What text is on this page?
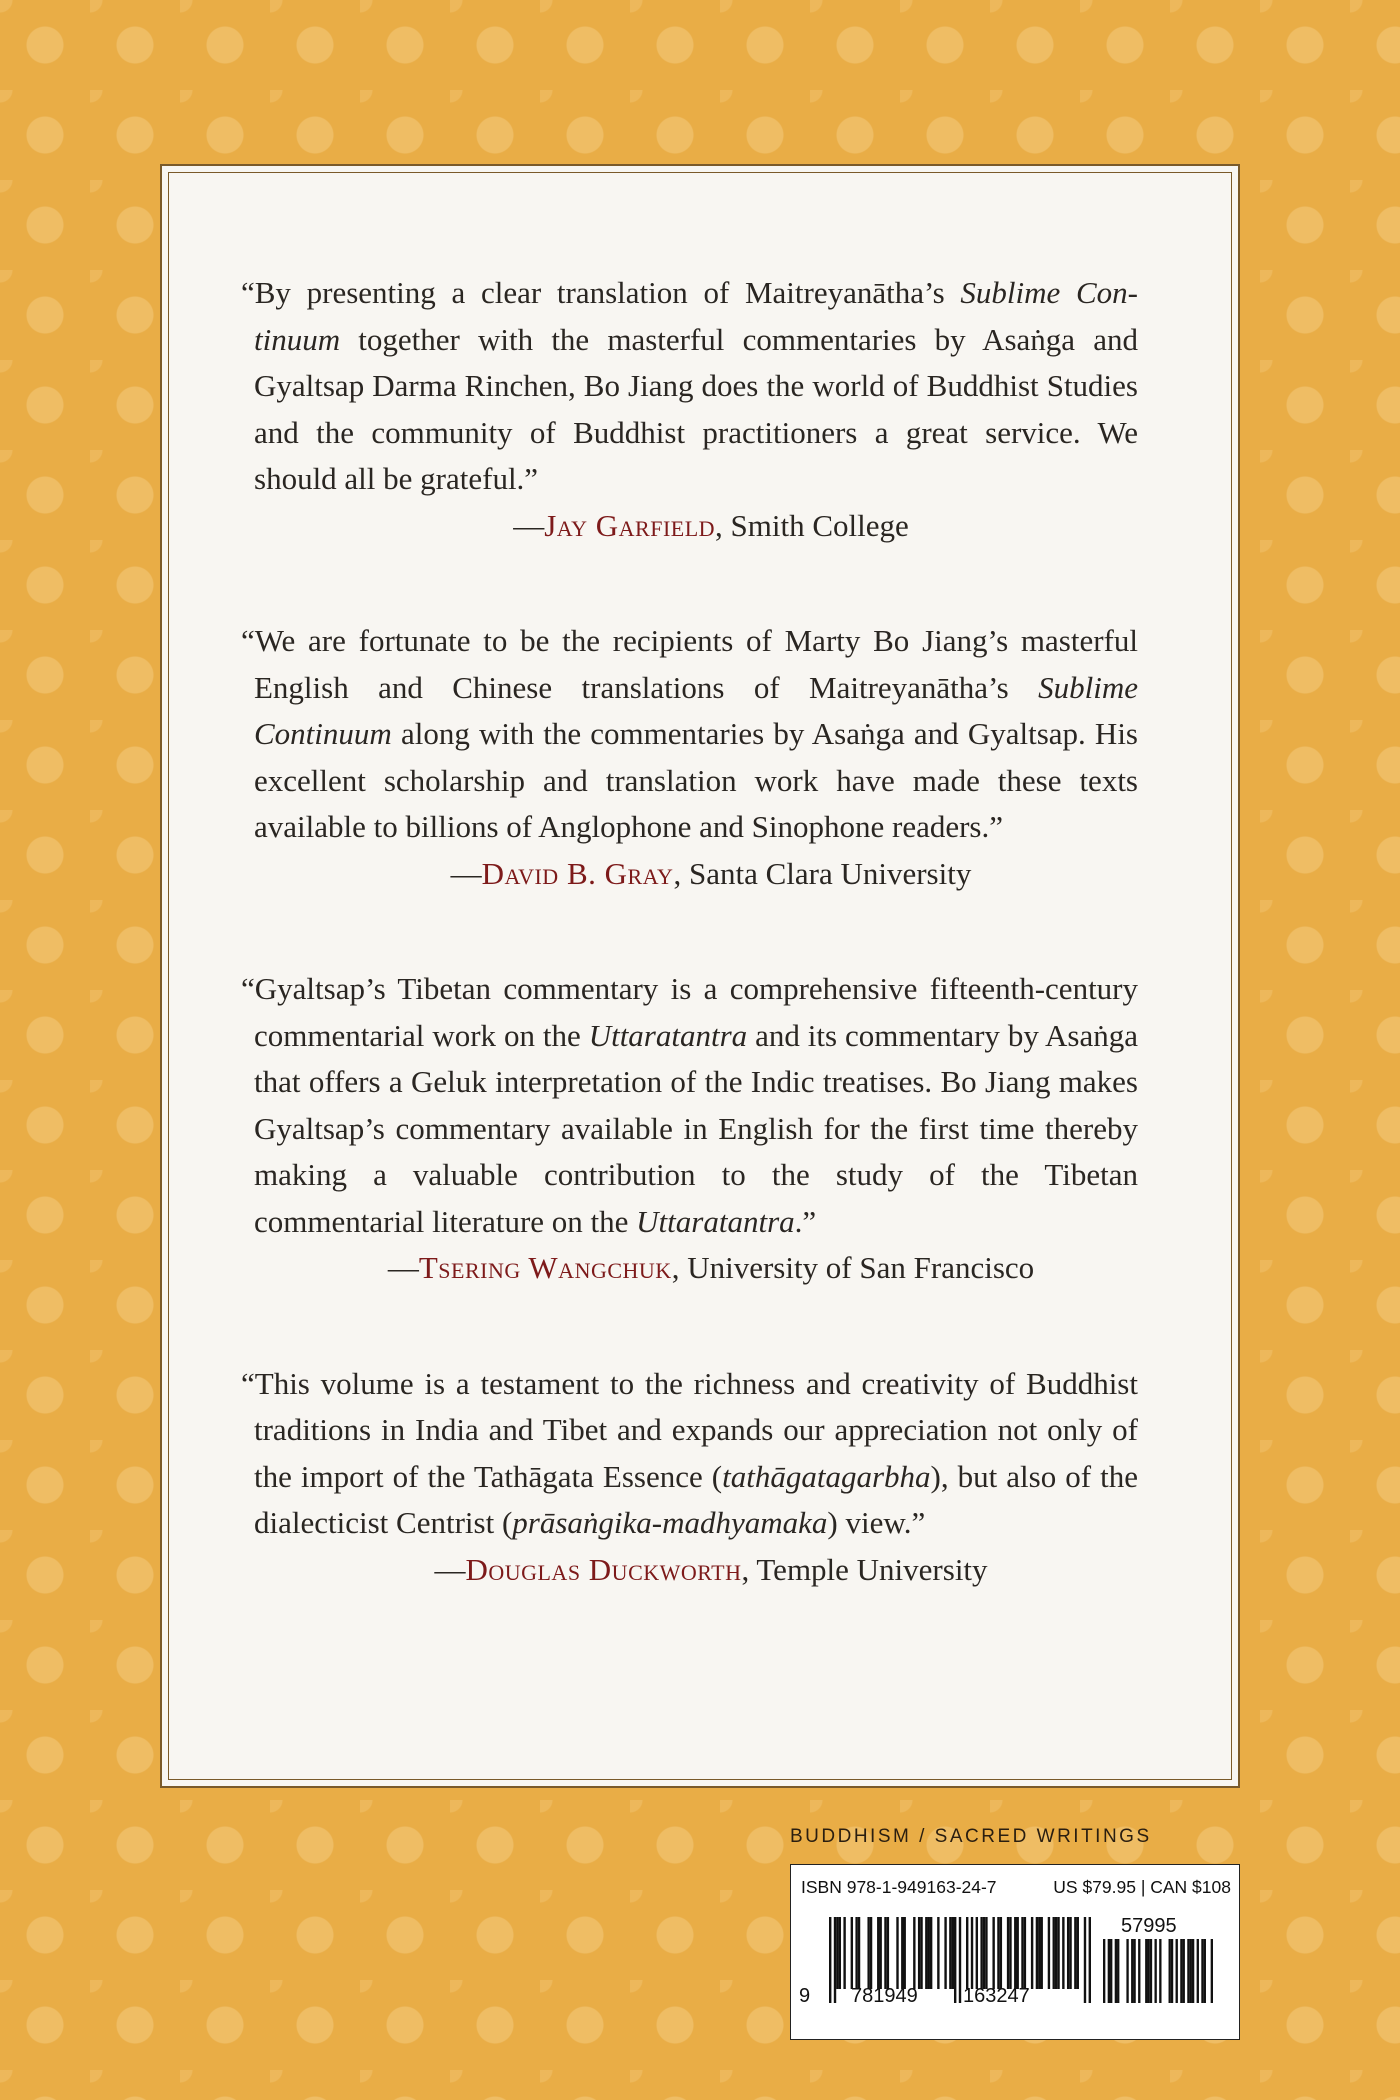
“By presenting a clear translation of Maitreyanātha’s Sublime Continuum together with the masterful commentaries by Asaṅga and Gyaltsap Darma Rinchen, Bo Jiang does the world of Buddhist Studies and the community of Buddhist practitioners a great service. We should all be grateful.”

—Jay Garfield, Smith College

“We are fortunate to be the recipients of Marty Bo Jiang’s masterful English and Chinese translations of Maitreyanātha’s Sublime Continuum along with the commentaries by Asaṅga and Gyaltsap. His excellent scholarship and translation work have made these texts available to billions of Anglophone and Sinophone readers.”

—David B. Gray, Santa Clara University

“Gyaltsap’s Tibetan commentary is a comprehensive fifteenth-century commentarial work on the Uttaratantra and its commentary by Asaṅga that offers a Geluk interpretation of the Indic treatises. Bo Jiang makes Gyaltsap’s commentary available in English for the first time thereby making a valuable contribution to the study of the Tibetan commentarial literature on the Uttaratantra.”

—Tsering Wangchuk, University of San Francisco

“This volume is a testament to the richness and creativity of Buddhist traditions in India and Tibet and expands our appreciation not only of the import of the Tathāgata Essence (tathāgatagarbha), but also of the dialecticist Centrist (prāsaṅgika-madhyamaka) view.”

—Douglas Duckworth, Temple University

BUDDHISM / SACRED WRITINGS
ISBN 978-1-949163-24-7	US $79.95 | CAN $108
9 781949 163247
57995
